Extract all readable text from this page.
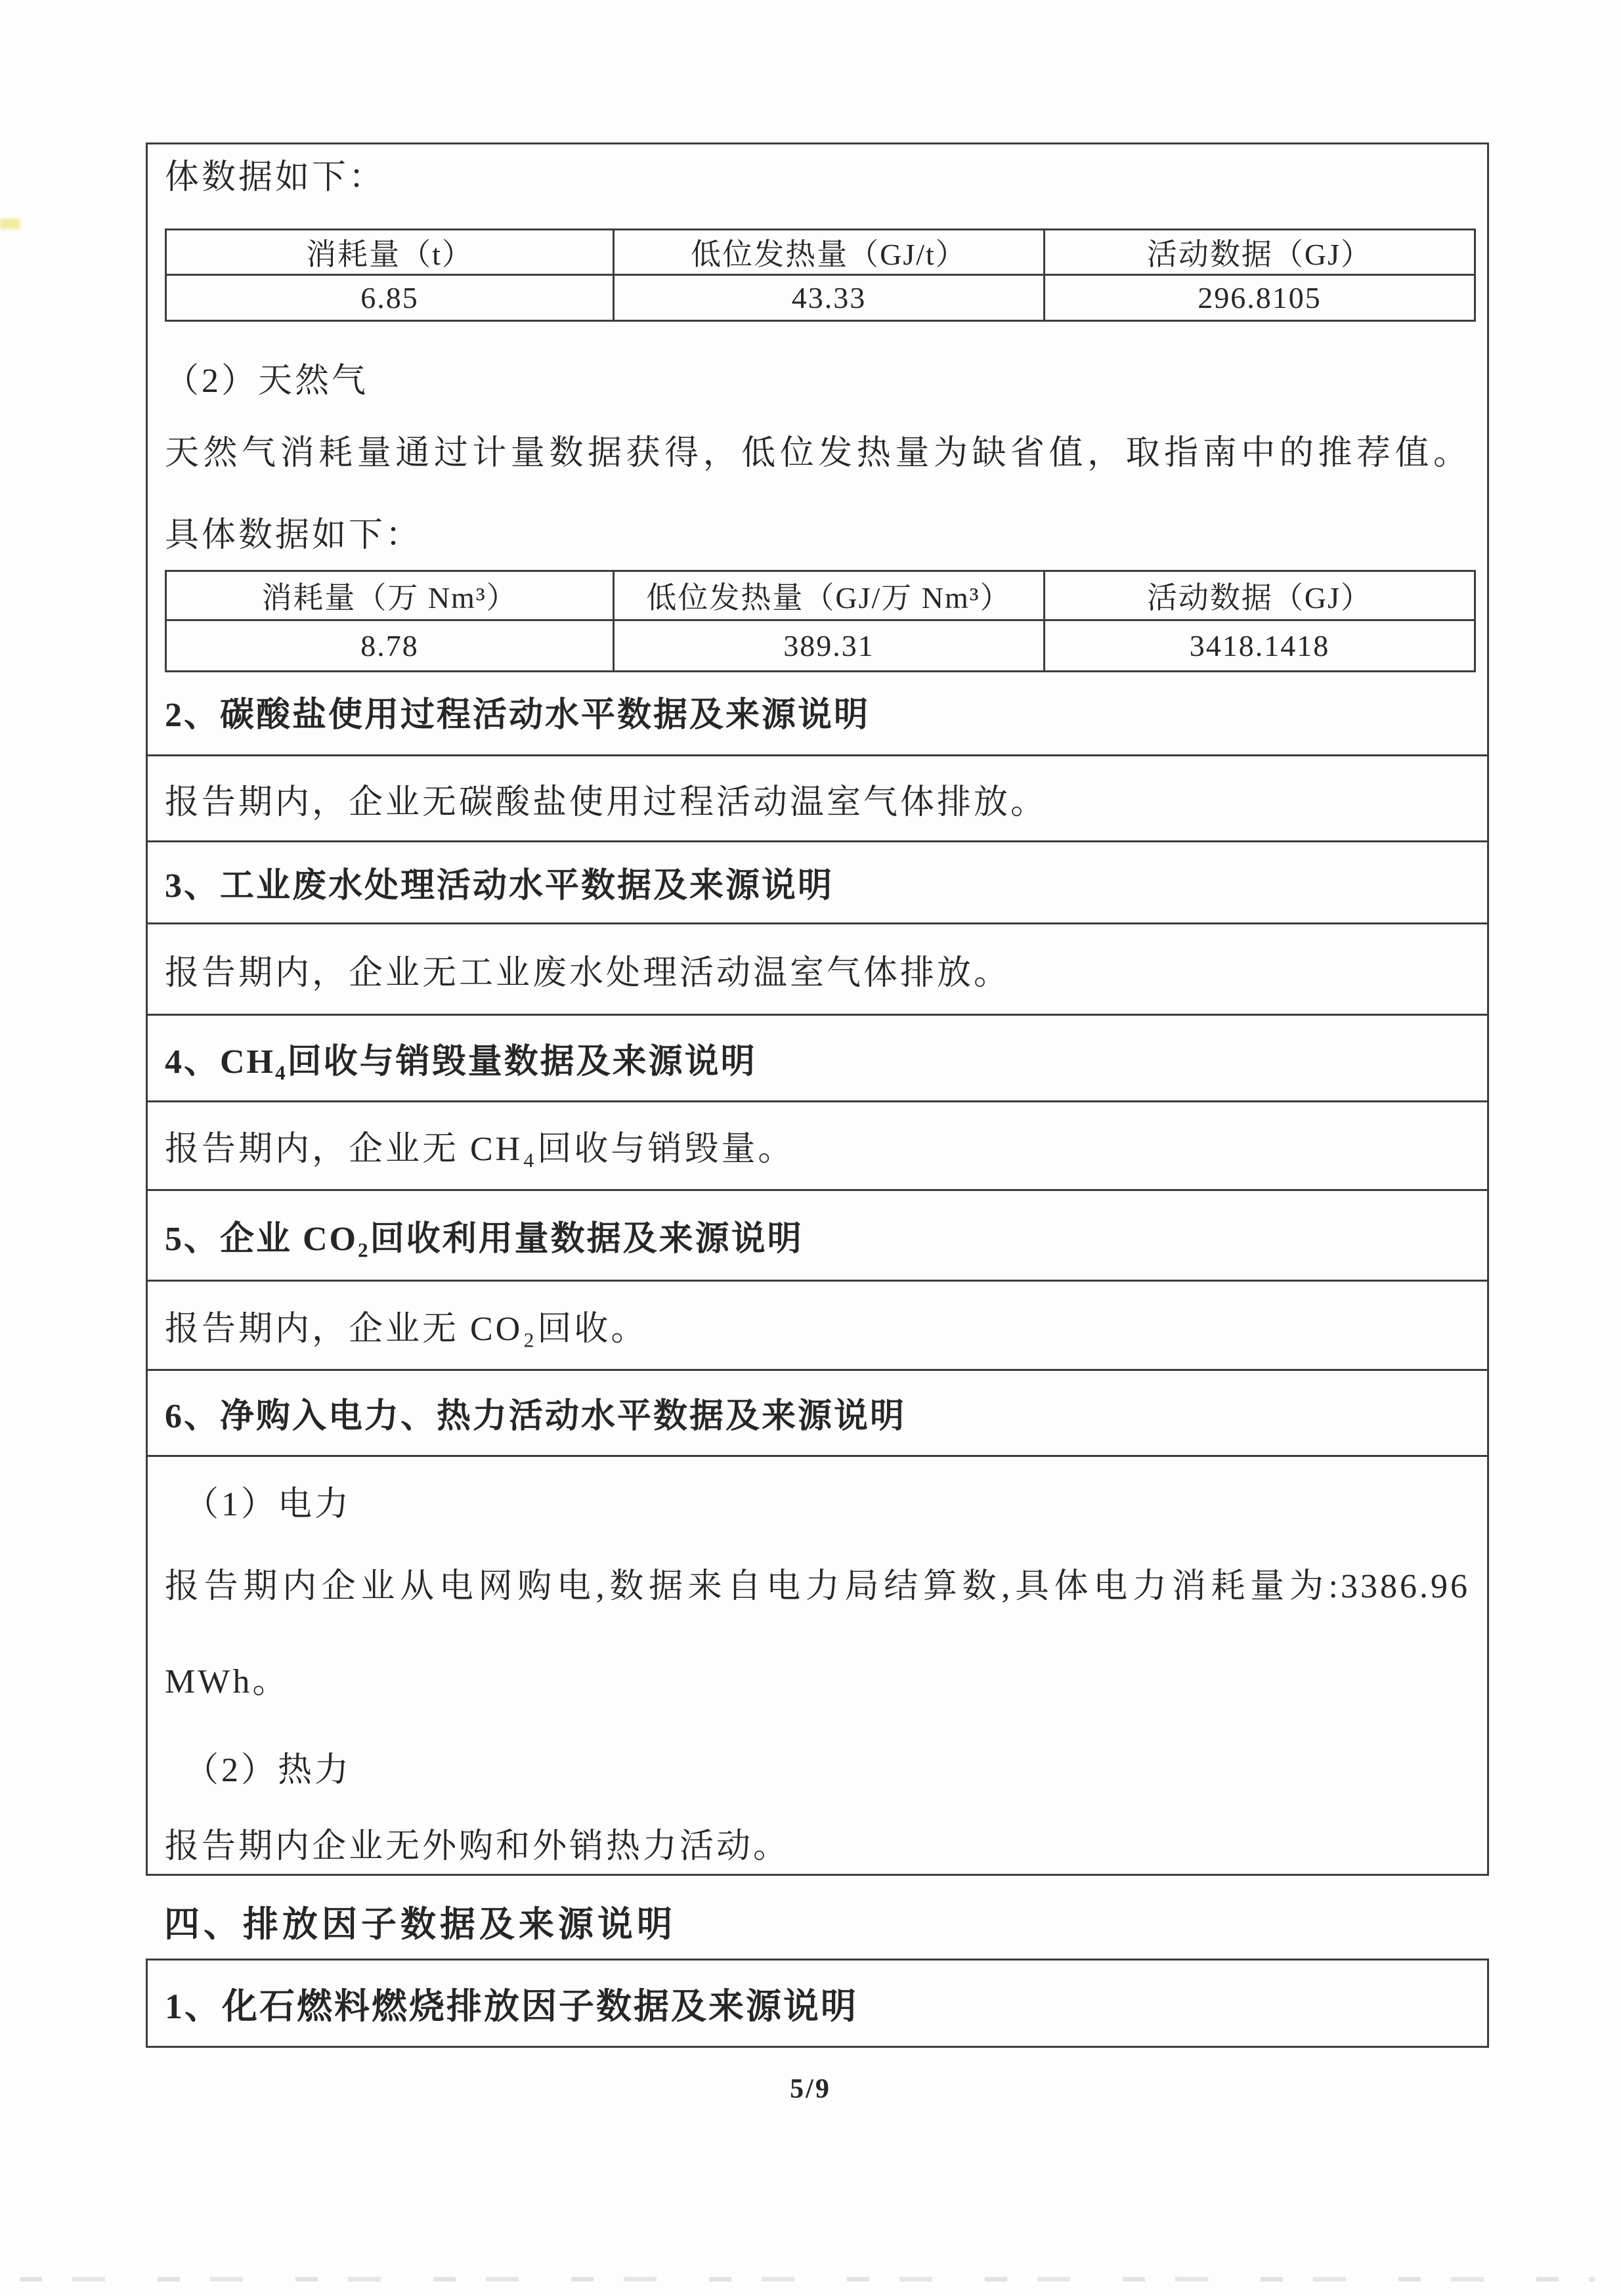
体数据如下：
消耗量（t）	低位发热量（GJ/t）	活动数据（GJ）
6.85	43.33	296.8105
（2）天然气
天然气消耗量通过计量数据获得，低位发热量为缺省值，取指南中的推荐值。
具体数据如下：
消耗量（万 Nm³）	低位发热量（GJ/万 Nm³）	活动数据（GJ）
8.78	389.31	3418.1418
2、碳酸盐使用过程活动水平数据及来源说明
报告期内，企业无碳酸盐使用过程活动温室气体排放。
3、工业废水处理活动水平数据及来源说明
报告期内，企业无工业废水处理活动温室气体排放。
4、CH₄回收与销毁量数据及来源说明
报告期内，企业无 CH₄回收与销毁量。
5、企业 CO₂回收利用量数据及来源说明
报告期内，企业无 CO₂回收。
6、净购入电力、热力活动水平数据及来源说明
（1）电力
报告期内企业从电网购电,数据来自电力局结算数,具体电力消耗量为:3386.96
MWh。
（2）热力
报告期内企业无外购和外销热力活动。
四、排放因子数据及来源说明
1、化石燃料燃烧排放因子数据及来源说明
5/9
